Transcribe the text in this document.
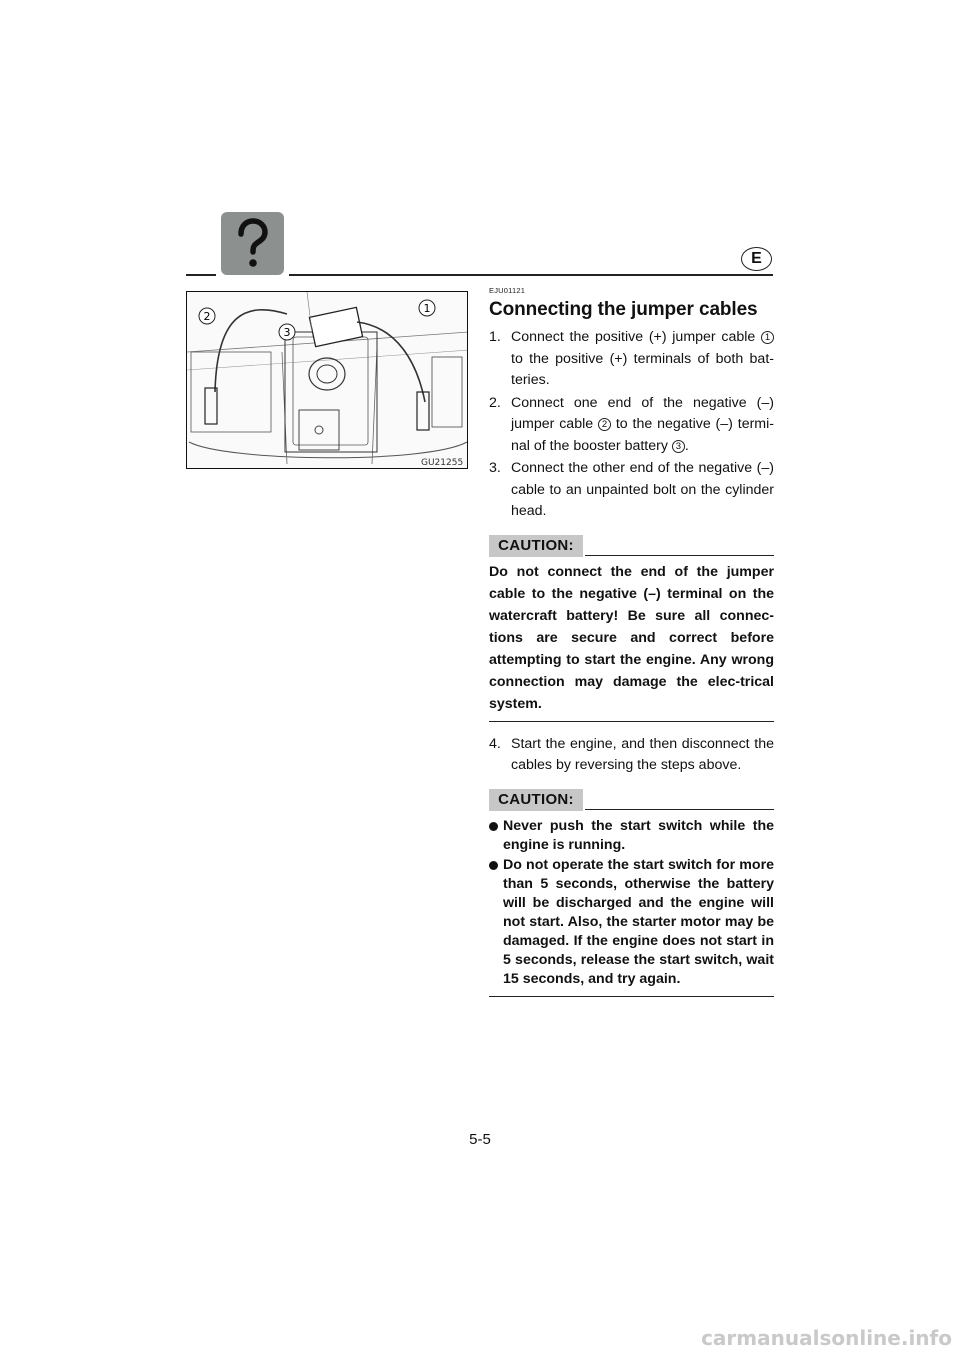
E
1
2
3
GU21255

EJU01121

Connecting the jumper cables
1. Connect the positive (+) jumper cable 1 to the positive (+) terminals of both bat-teries.
2. Connect one end of the negative (–) jumper cable 2 to the negative (–) termi-nal of the booster battery 3 .
3. Connect the other end of the negative (–) cable to an unpainted bolt on the cylinder head.
CAUTION:
Do not connect the end of the jumper cable to the negative (–) terminal on the watercraft battery! Be sure all connec-tions are secure and correct before attempting to start the engine. Any wrong connection may damage the elec-trical system.
4. Start the engine, and then disconnect the cables by reversing the steps above.
CAUTION:
Never push the start switch while the engine is running.
Do not operate the start switch for more than 5 seconds, otherwise the battery will be discharged and the engine will not start. Also, the starter motor may be damaged. If the engine does not start in 5 seconds, release the start switch, wait 15 seconds, and try again.
5-5
carmanualsonline.info
